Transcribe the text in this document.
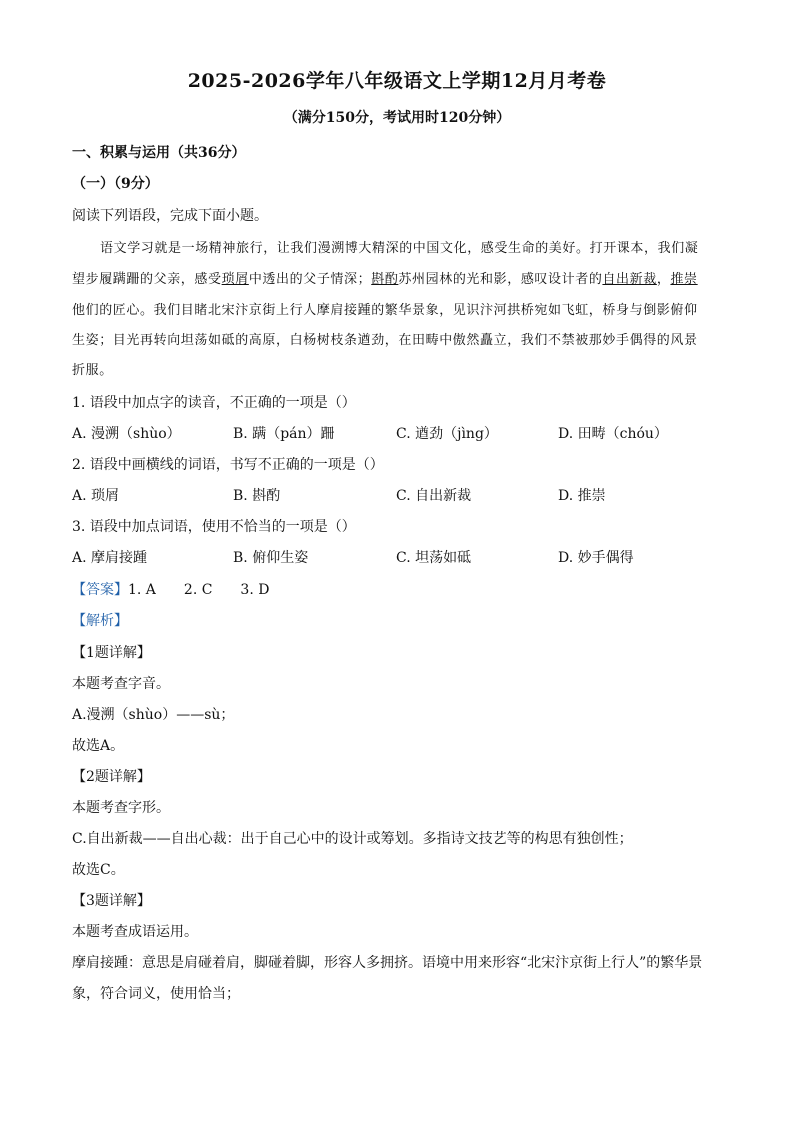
2025-2026学年八年级语文上学期12月月考卷
（满分150分，考试用时120分钟）
一、积累与运用（共36分）
（一）（9分）
阅读下列语段，完成下面小题。
语文学习就是一场精神旅行，让我们漫溯博大精深的中国文化，感受生命的美好。打开课本，我们凝
望步履蹒跚的父亲，感受琐屑中透出的父子情深；斟酌苏州园林的光和影，感叹设计者的自出新裁，推崇
他们的匠心。我们目睹北宋汴京街上行人摩肩接踵的繁华景象，见识汴河拱桥宛如飞虹，桥身与倒影俯仰
生姿；目光再转向坦荡如砥的高原，白杨树枝条遒劲，在田畴中傲然矗立，我们不禁被那妙手偶得的风景
折服。
1. 语段中加点字的读音，不正确的一项是（）
A. 漫溯（shùo）	B. 蹒（pán）跚	C. 遒劲（jìng）	D. 田畴（chóu）
2. 语段中画横线的词语，书写不正确的一项是（）
A. 琐屑	B. 斟酌	C. 自出新裁	D. 推崇
3. 语段中加点词语，使用不恰当的一项是（）
A. 摩肩接踵	B. 俯仰生姿	C. 坦荡如砥	D. 妙手偶得
【答案】1. A　　2. C　　3. D
【解析】
【1题详解】
本题考查字音。
A.漫溯（shùo）——sù；
故选A。
【2题详解】
本题考查字形。
C.自出新裁——自出心裁：出于自己心中的设计或筹划。多指诗文技艺等的构思有独创性；
故选C。
【3题详解】
本题考查成语运用。
摩肩接踵：意思是肩碰着肩，脚碰着脚，形容人多拥挤。语境中用来形容“北宋汴京街上行人”的繁华景
象，符合词义，使用恰当；
